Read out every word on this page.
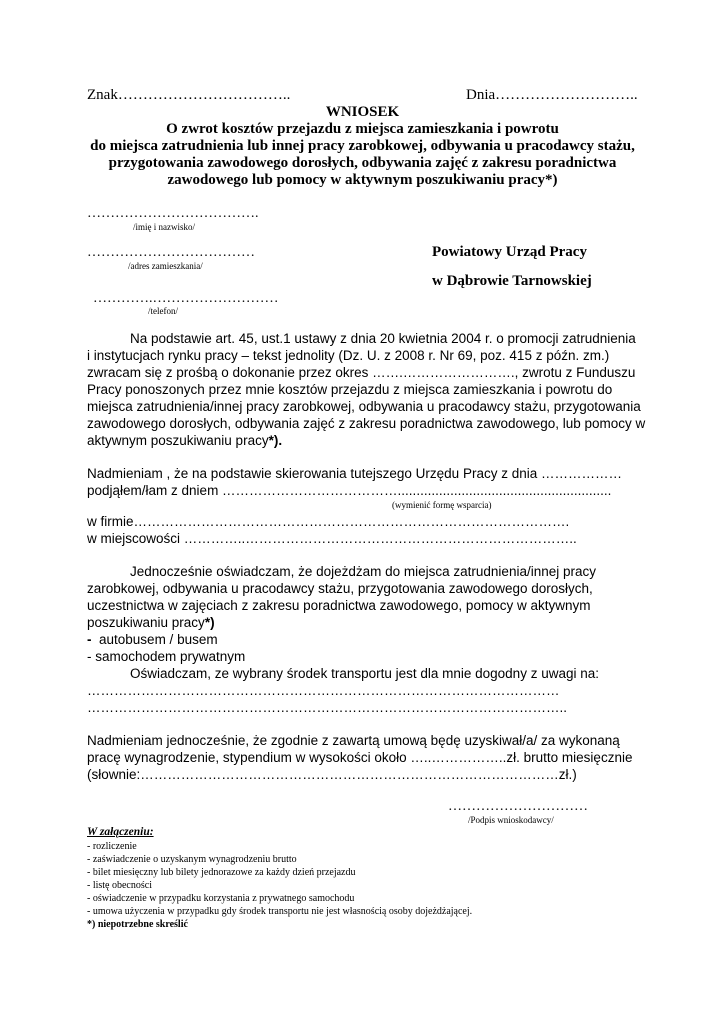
Znak……………………………..	Dnia………………………..
WNIOSEK
O zwrot kosztów przejazdu z miejsca zamieszkania i powrotu
do miejsca zatrudnienia lub innej pracy zarobkowej, odbywania u pracodawcy stażu,
przygotowania zawodowego dorosłych, odbywania zajęć z zakresu poradnictwa
zawodowego lub pomocy w aktywnym poszukiwaniu pracy*)
……………………………….
/imię i nazwisko/
………………………………
/adres zamieszkania/
………….………………………
/telefon/
Powiatowy Urząd Pracy
w Dąbrowie Tarnowskiej
Na podstawie art. 45, ust.1 ustawy z dnia 20 kwietnia 2004 r. o promocji zatrudnienia
i instytucjach rynku pracy – tekst jednolity (Dz. U. z 2008 r. Nr 69, poz. 415 z późn. zm.)
zwracam się z prośbą o dokonanie przez okres …….……………………., zwrotu z Funduszu
Pracy ponoszonych przez mnie kosztów przejazdu z miejsca zamieszkania i powrotu do
miejsca zatrudnienia/innej pracy zarobkowej, odbywania u pracodawcy stażu, przygotowania
zawodowego dorosłych, odbywania zajęć z zakresu poradnictwa zawodowego, lub pomocy w
aktywnym poszukiwaniu pracy*).
Nadmieniam , że na podstawie skierowania tutejszego Urzędu Pracy z dnia ………………
podjąłem/łam z dniem ………………………………….........................................................
(wymienić formę wsparcia)
w firmie…………………………………………………………………………………….
w miejscowości …………..………………………………………………………………..
Jednocześnie oświadczam, że dojeżdżam do miejsca zatrudnienia/innej pracy
zarobkowej, odbywania u pracodawcy stażu, przygotowania zawodowego dorosłych,
uczestnictwa w zajęciach z zakresu poradnictwa zawodowego, pomocy w aktywnym
poszukiwaniu pracy*)
- autobusem / busem
- samochodem prywatnym
Oświadczam, ze wybrany środek transportu jest dla mnie dogodny z uwagi na:
……………………………………………………………………………………………
……………………………………………………………………………………………..
Nadmieniam jednocześnie, że zgodnie z zawartą umową będę uzyskiwał/a/ za wykonaną
pracę wynagrodzenie, stypendium w wysokości około …..……………..zł. brutto miesięcznie
(słownie:…………………………………………………………………………………zł.)
…………………………
/Podpis wnioskodawcy/
W załączeniu:
- rozliczenie
- zaświadczenie o uzyskanym wynagrodzeniu brutto
- bilet miesięczny lub bilety jednorazowe za każdy dzień przejazdu
- listę obecności
- oświadczenie w przypadku korzystania z prywatnego samochodu
- umowa użyczenia w przypadku gdy środek transportu nie jest własnością osoby dojeżdżającej.
*) niepotrzebne skreślić
